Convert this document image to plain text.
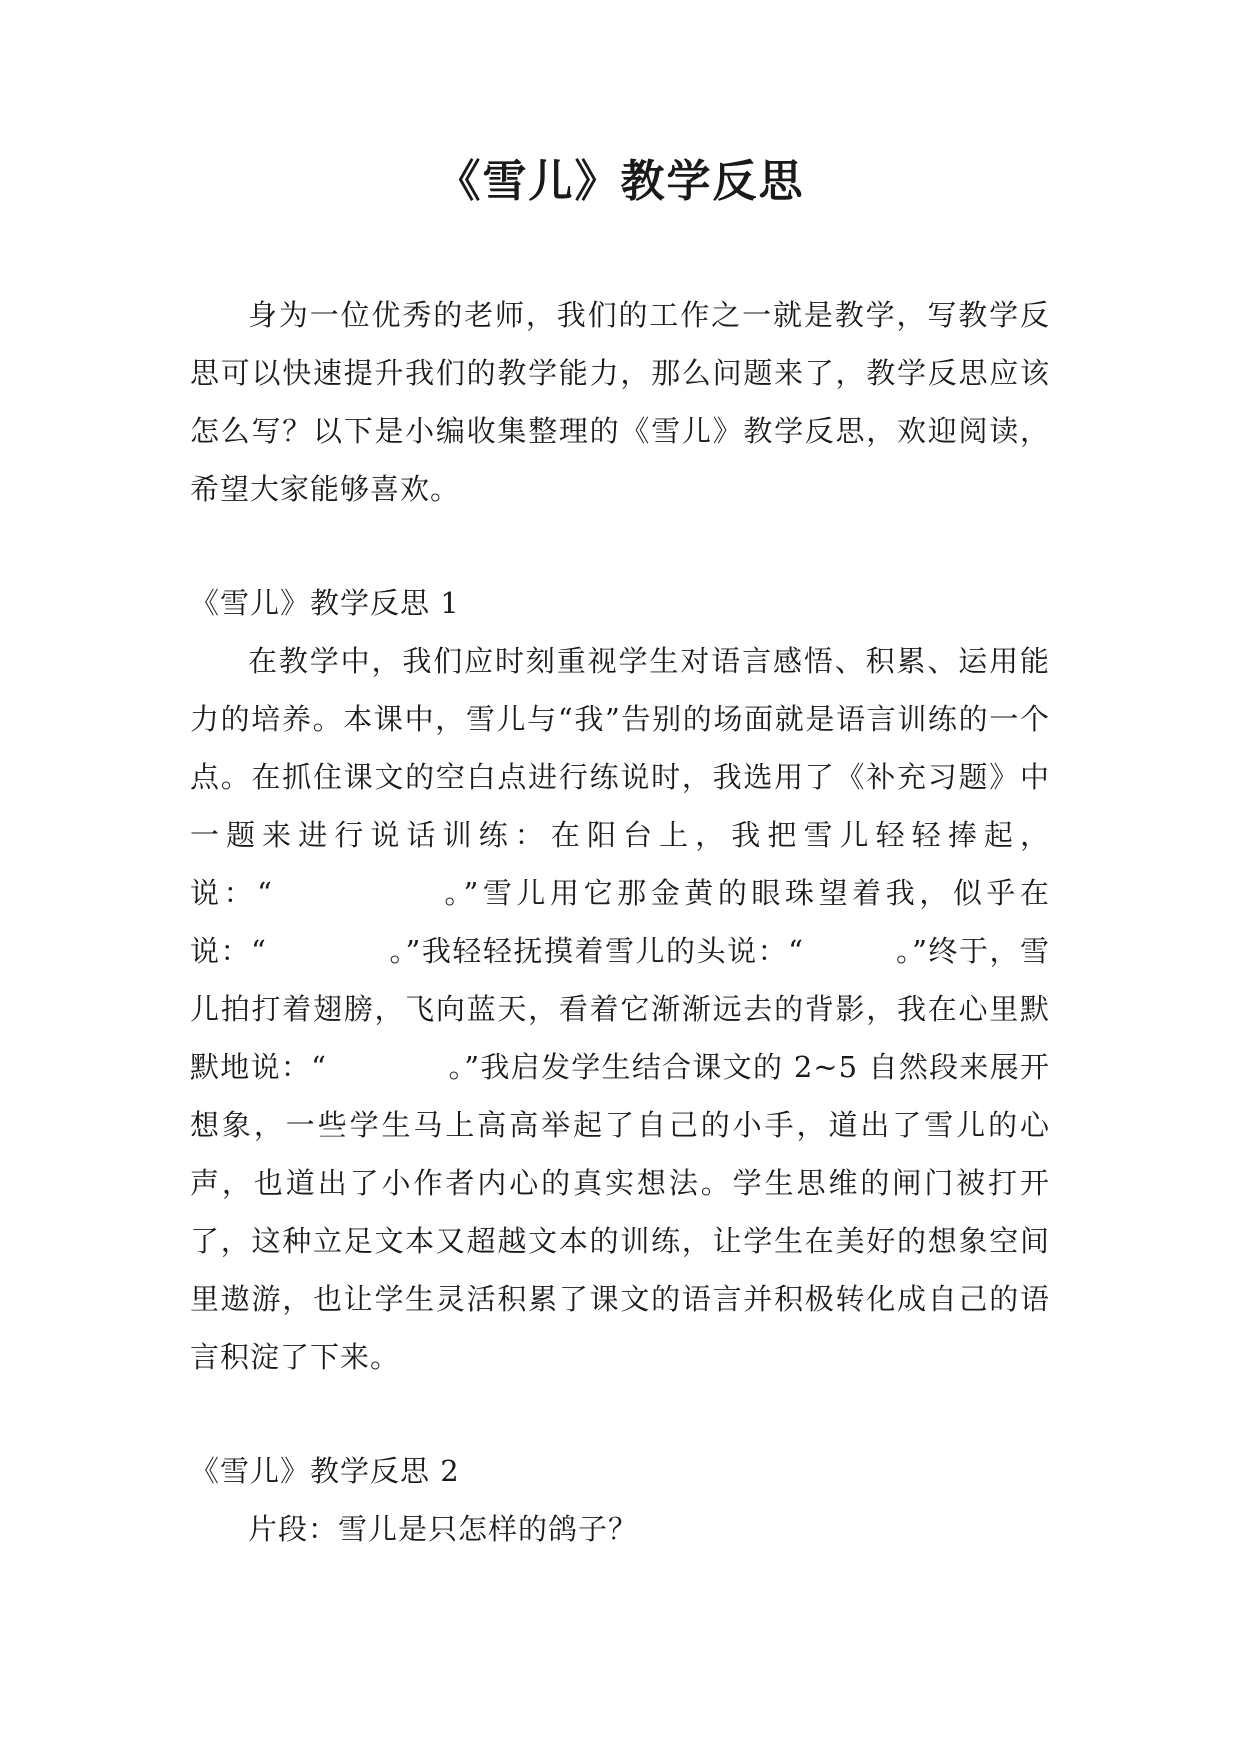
《雪儿》教学反思

身为一位优秀的老师，我们的工作之一就是教学，写教学反思可以快速提升我们的教学能力，那么问题来了，教学反思应该怎么写？以下是小编收集整理的《雪儿》教学反思，欢迎阅读，希望大家能够喜欢。

《雪儿》教学反思 1

在教学中，我们应时刻重视学生对语言感悟、积累、运用能力的培养。本课中，雪儿与“我”告别的场面就是语言训练的一个点。在抓住课文的空白点进行练说时，我选用了《补充习题》中一题来进行说话训练：在阳台上，我把雪儿轻轻捧起，说：“　　　　　。”雪儿用它那金黄的眼珠望着我，似乎在说：“　　　　。”我轻轻抚摸着雪儿的头说：“　　　。”终于，雪儿拍打着翅膀，飞向蓝天，看着它渐渐远去的背影，我在心里默默地说：“　　　　。”我启发学生结合课文的 2~5 自然段来展开想象，一些学生马上高高举起了自己的小手，道出了雪儿的心声，也道出了小作者内心的真实想法。学生思维的闸门被打开了，这种立足文本又超越文本的训练，让学生在美好的想象空间里遨游，也让学生灵活积累了课文的语言并积极转化成自己的语言积淀了下来。

《雪儿》教学反思 2

片段：雪儿是只怎样的鸽子？
